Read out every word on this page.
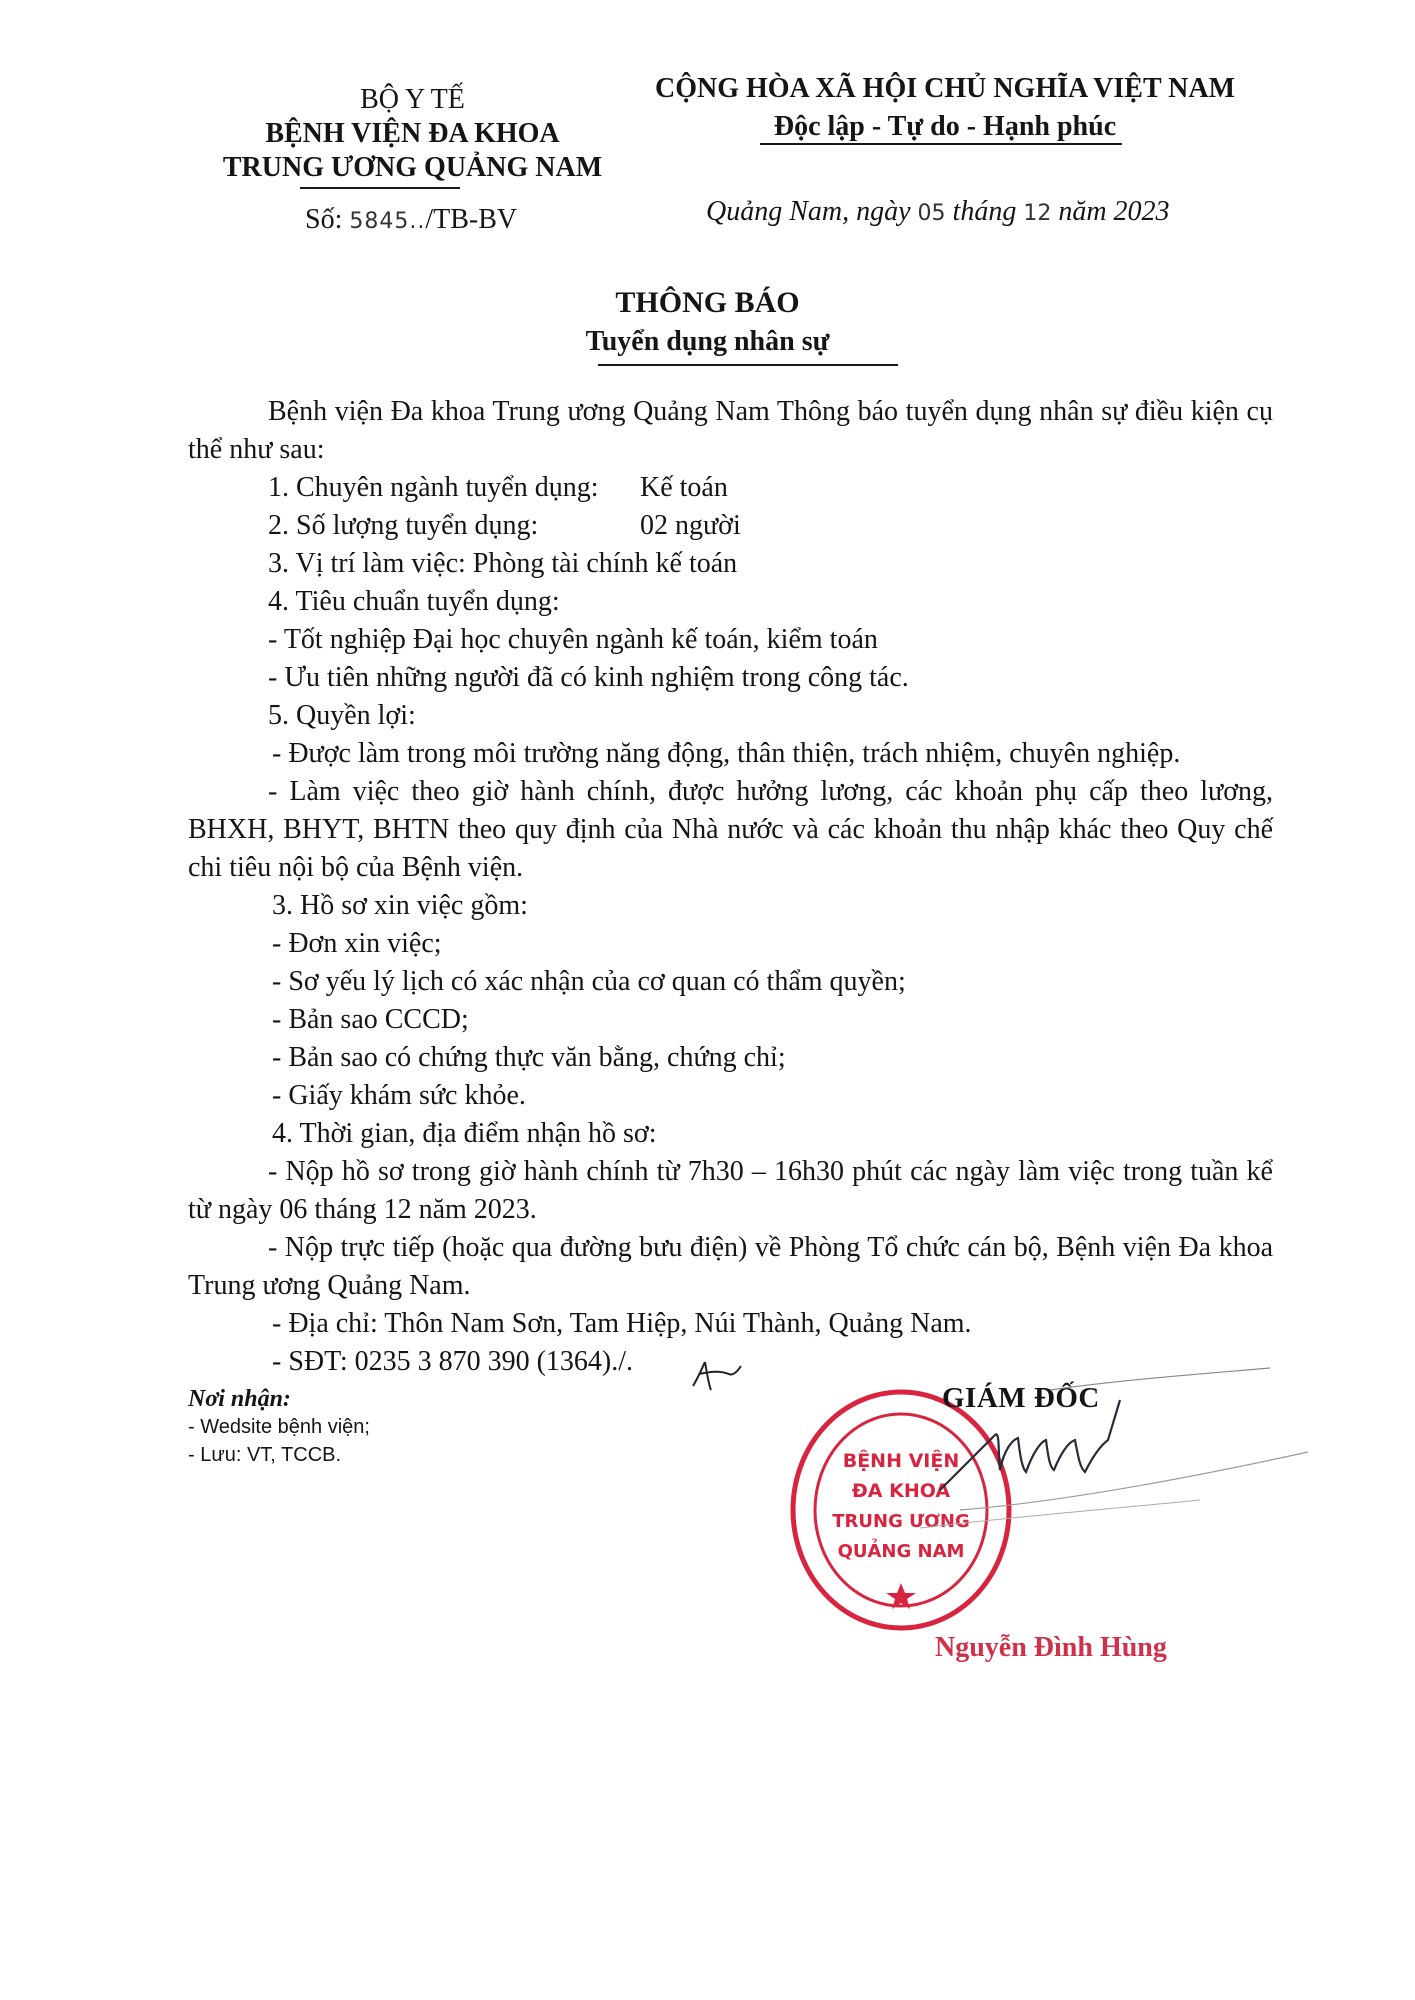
BỘ Y TẾ
BỆNH VIỆN ĐA KHOA
TRUNG ƯƠNG QUẢNG NAM
CỘNG HÒA XÃ HỘI CHỦ NGHĨA VIỆT NAM
Độc lập - Tự do - Hạnh phúc
Số: 5845../TB-BV	Quảng Nam, ngày 05 tháng 12 năm 2023
THÔNG BÁO
Tuyển dụng nhân sự

Bệnh viện Đa khoa Trung ương Quảng Nam Thông báo tuyển dụng nhân sự điều kiện cụ thể như sau:

1. Chuyên ngành tuyển dụng: Kế toán

2. Số lượng tuyển dụng:	02 người

3. Vị trí làm việc: Phòng tài chính kế toán

4. Tiêu chuẩn tuyển dụng:

- Tốt nghiệp Đại học chuyên ngành kế toán, kiểm toán

- Ưu tiên những người đã có kinh nghiệm trong công tác.

5. Quyền lợi:

- Được làm trong môi trường năng động, thân thiện, trách nhiệm, chuyên nghiệp.

- Làm việc theo giờ hành chính, được hưởng lương, các khoản phụ cấp theo lương, BHXH, BHYT, BHTN theo quy định của Nhà nước và các khoản thu nhập khác theo Quy chế chi tiêu nội bộ của Bệnh viện.

3. Hồ sơ xin việc gồm:

- Đơn xin việc;

- Sơ yếu lý lịch có xác nhận của cơ quan có thẩm quyền;

- Bản sao CCCD;

- Bản sao có chứng thực văn bằng, chứng chỉ;

- Giấy khám sức khỏe.

4. Thời gian, địa điểm nhận hồ sơ:

- Nộp hồ sơ trong giờ hành chính từ 7h30 – 16h30 phút các ngày làm việc trong tuần kể từ ngày 06 tháng 12 năm 2023.

- Nộp trực tiếp (hoặc qua đường bưu điện) về Phòng Tổ chức cán bộ, Bệnh viện Đa khoa Trung ương Quảng Nam.

- Địa chỉ: Thôn Nam Sơn, Tam Hiệp, Núi Thành, Quảng Nam.

- SĐT: 0235 3 870 390 (1364)./.

Nơi nhận:
- Wedsite bệnh viện;
- Lưu: VT, TCCB.	BỆNH VIỆN
ĐA KHOA
TRUNG ƯƠNG
QUẢNG NAM
GIÁM ĐỐC
Nguyễn Đình Hùng
